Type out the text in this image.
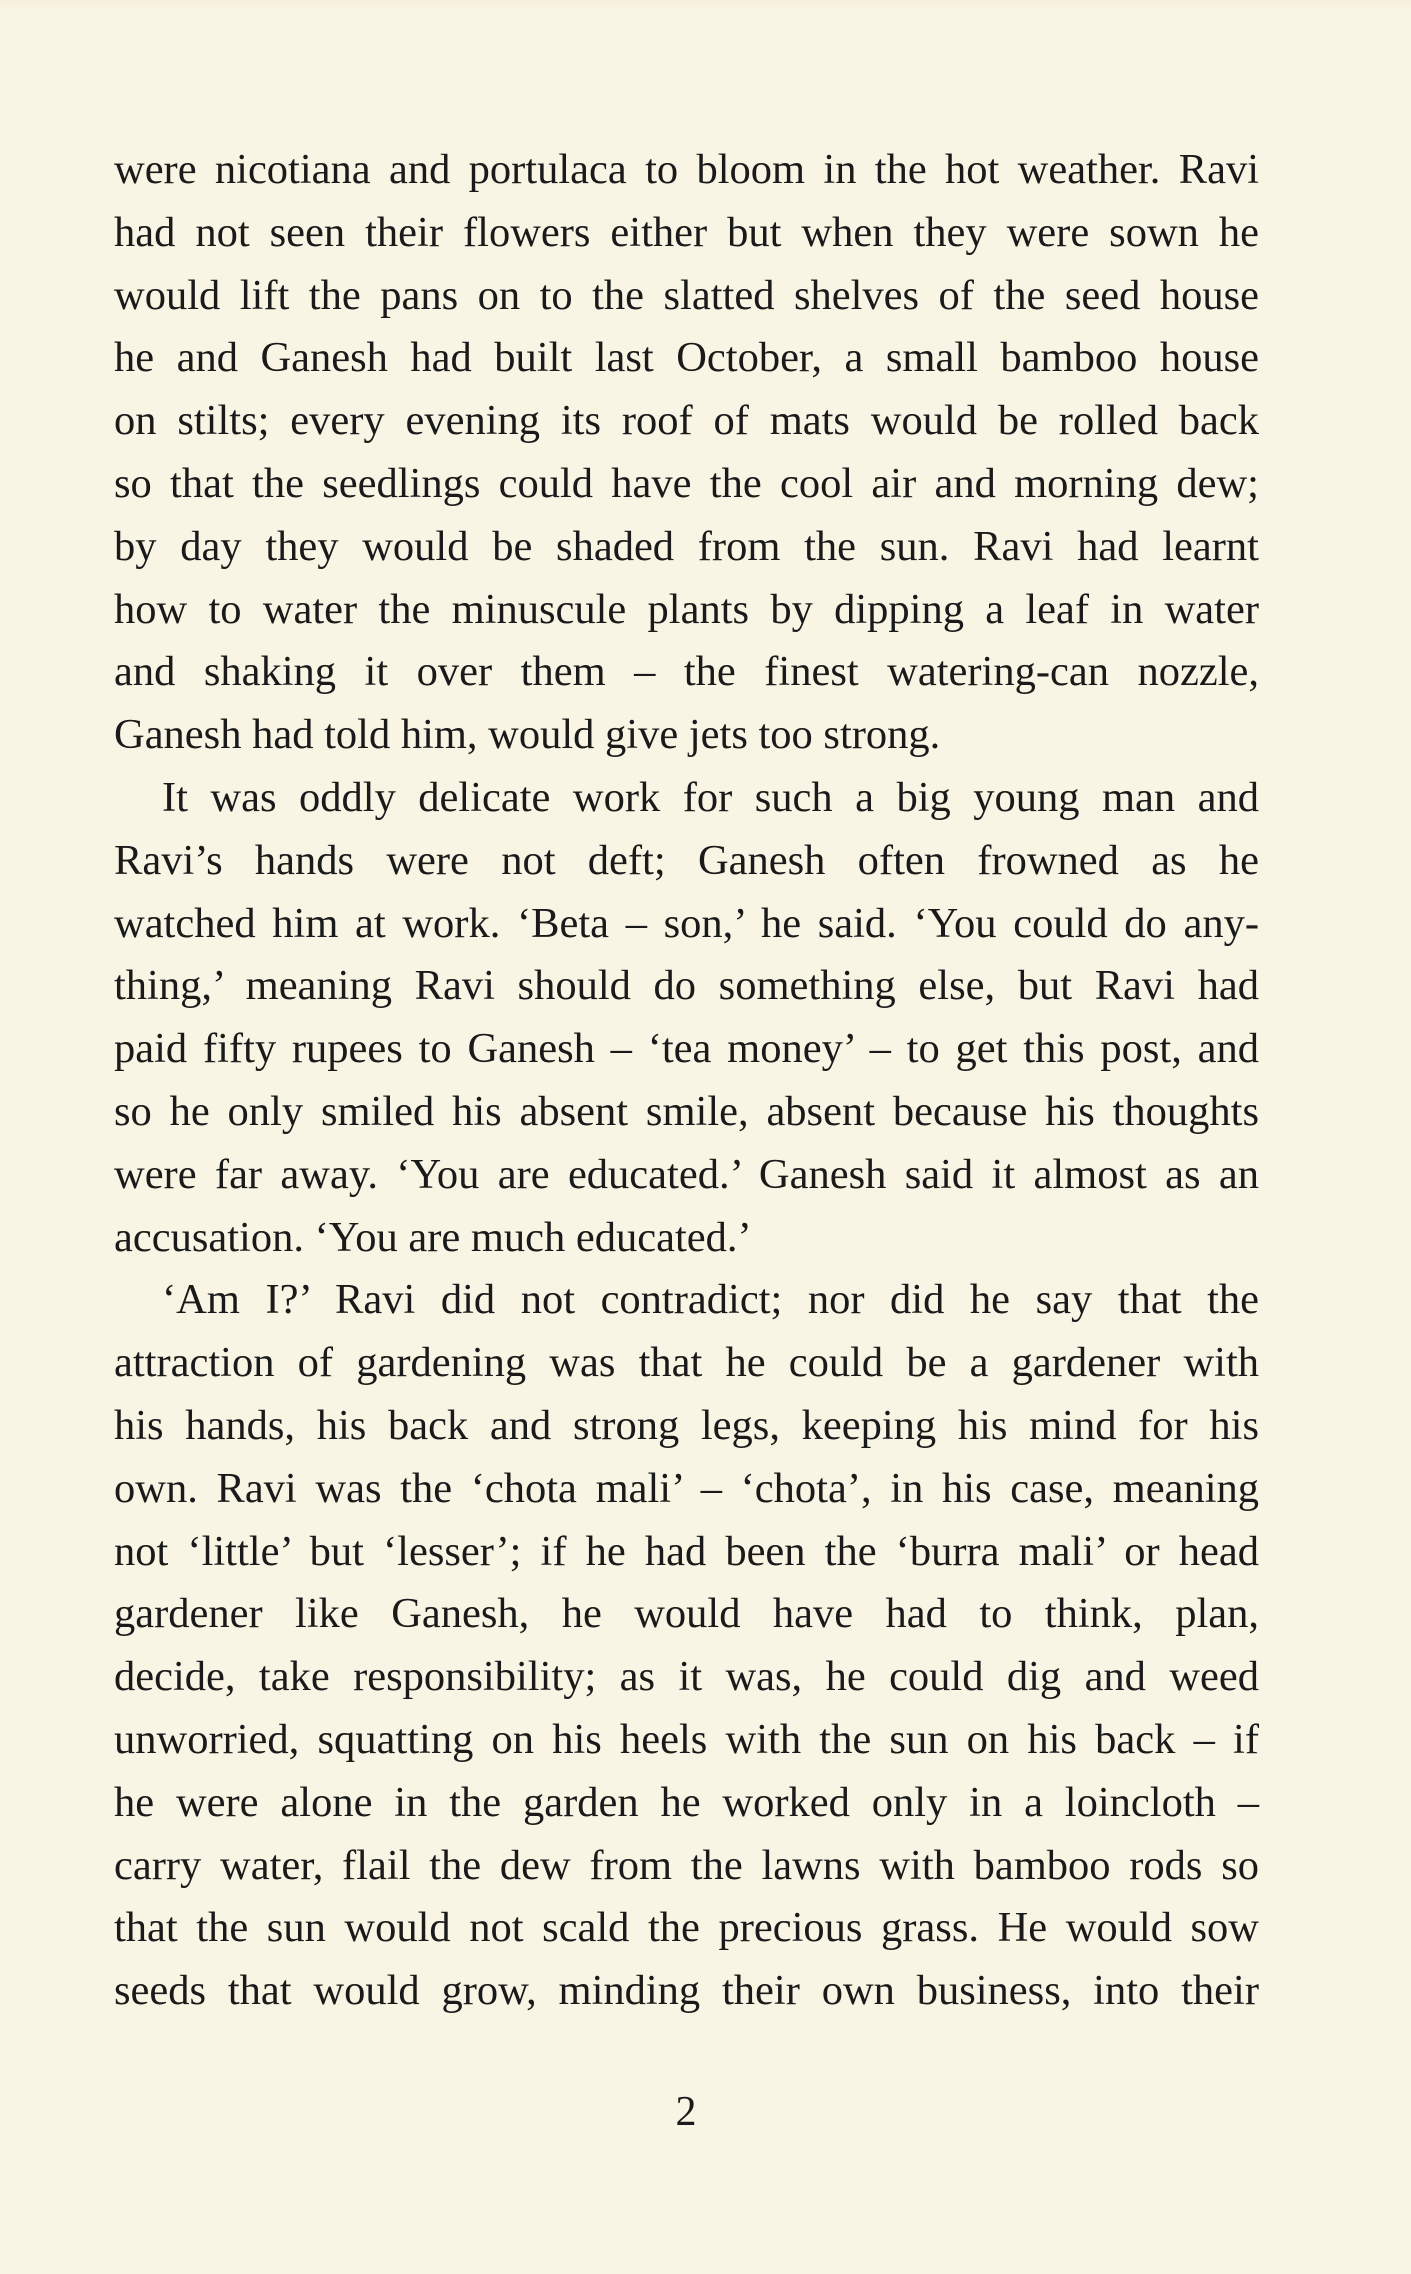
were nicotiana and portulaca to bloom in the hot weather. Ravi
had not seen their flowers either but when they were sown he
would lift the pans on to the slatted shelves of the seed house
he and Ganesh had built last October, a small bamboo house
on stilts; every evening its roof of mats would be rolled back
so that the seedlings could have the cool air and morning dew;
by day they would be shaded from the sun. Ravi had learnt
how to water the minuscule plants by dipping a leaf in water
and shaking it over them – the finest watering-can nozzle,
Ganesh had told him, would give jets too strong.
It was oddly delicate work for such a big young man and
Ravi’s hands were not deft; Ganesh often frowned as he
watched him at work. ‘Beta – son,’ he said. ‘You could do any-
thing,’ meaning Ravi should do something else, but Ravi had
paid fifty rupees to Ganesh – ‘tea money’ – to get this post, and
so he only smiled his absent smile, absent because his thoughts
were far away. ‘You are educated.’ Ganesh said it almost as an
accusation. ‘You are much educated.’
‘Am I?’ Ravi did not contradict; nor did he say that the
attraction of gardening was that he could be a gardener with
his hands, his back and strong legs, keeping his mind for his
own. Ravi was the ‘chota mali’ – ‘chota’, in his case, meaning
not ‘little’ but ‘lesser’; if he had been the ‘burra mali’ or head
gardener like Ganesh, he would have had to think, plan,
decide, take responsibility; as it was, he could dig and weed
unworried, squatting on his heels with the sun on his back – if
he were alone in the garden he worked only in a loincloth –
carry water, flail the dew from the lawns with bamboo rods so
that the sun would not scald the precious grass. He would sow
seeds that would grow, minding their own business, into their
2
